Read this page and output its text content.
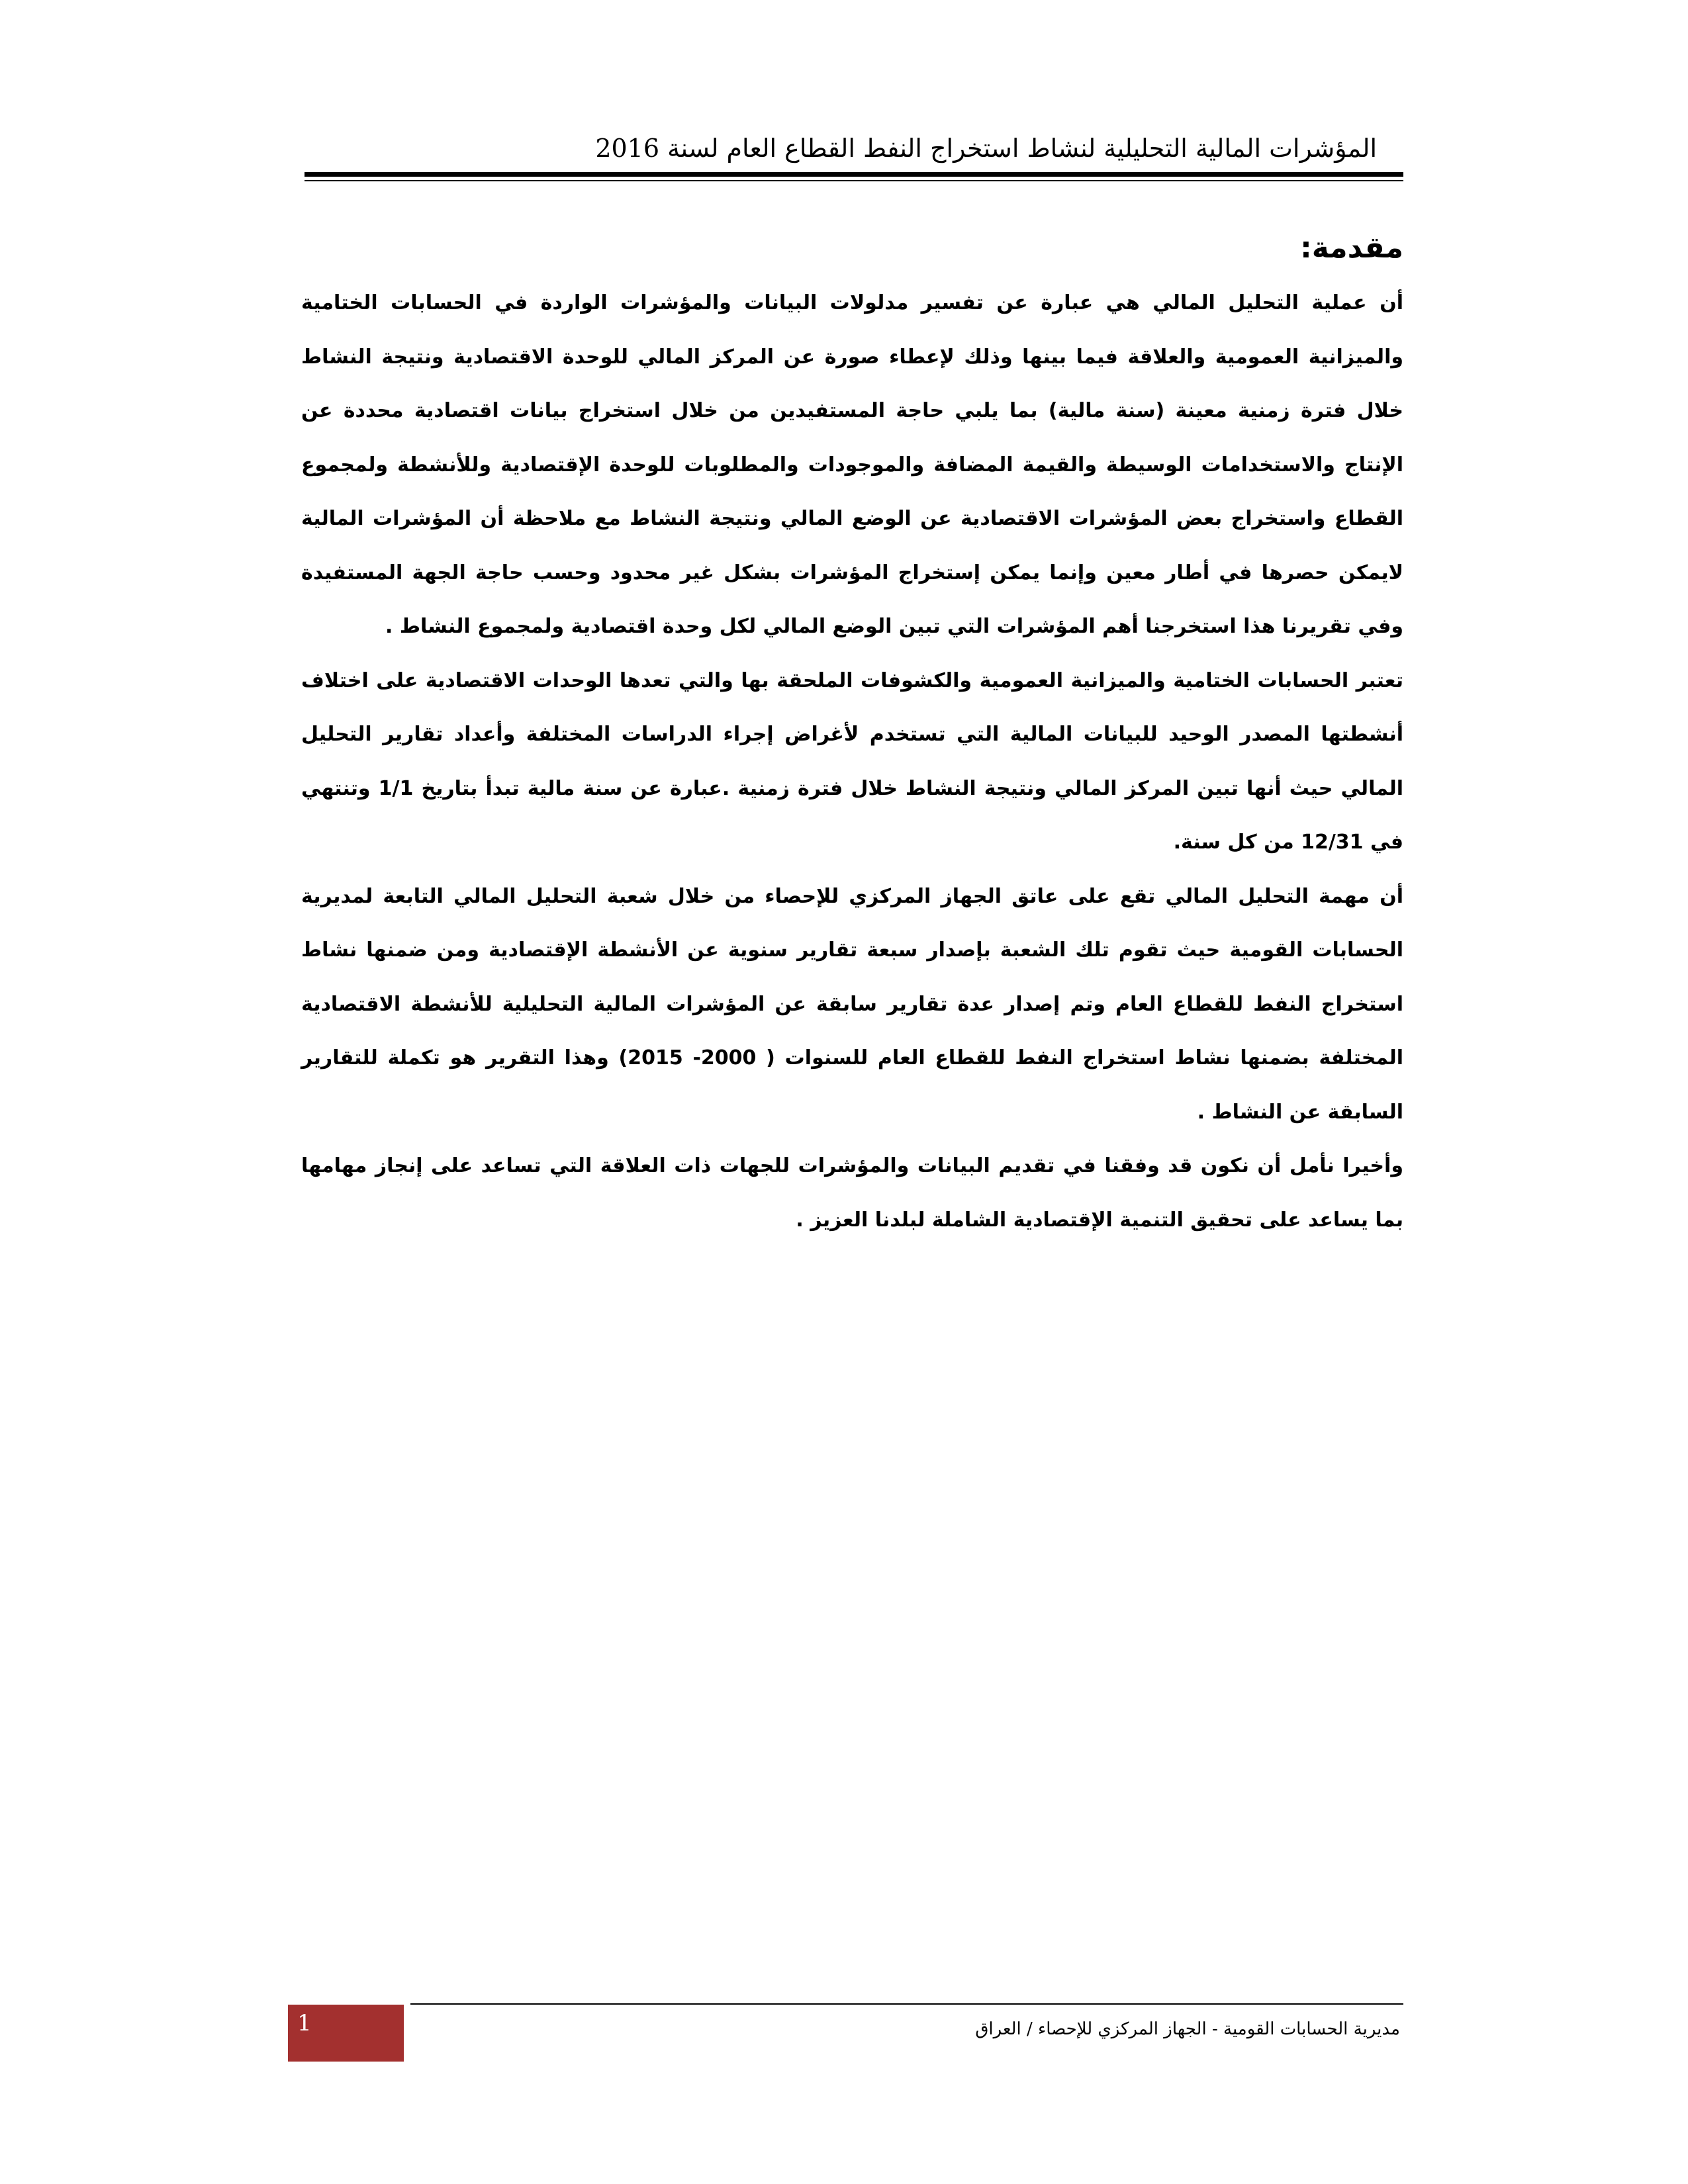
المؤشرات المالية التحليلية لنشاط استخراج النفط القطاع العام لسنة 2016
مقدمة:

أن عملية التحليل المالي هي عبارة عن تفسير مدلولات البيانات والمؤشرات الواردة في الحسابات الختامية والميزانية العمومية والعلاقة فيما بينها وذلك لإعطاء صورة عن المركز المالي للوحدة الاقتصادية ونتيجة النشاط خلال فترة زمنية معينة (سنة مالية) بما يلبي حاجة المستفيدين من خلال استخراج بيانات اقتصادية محددة عن الإنتاج والاستخدامات الوسيطة والقيمة المضافة والموجودات والمطلوبات للوحدة الإقتصادية وللأنشطة ولمجموع القطاع واستخراج بعض المؤشرات الاقتصادية عن الوضع المالي ونتيجة النشاط مع ملاحظة أن المؤشرات المالية لايمكن حصرها في أطار معين وإنما يمكن إستخراج المؤشرات بشكل غير محدود وحسب حاجة الجهة المستفيدة وفي تقريرنا هذا استخرجنا أهم المؤشرات التي تبين الوضع المالي لكل وحدة اقتصادية ولمجموع النشاط .

تعتبر الحسابات الختامية والميزانية العمومية والكشوفات الملحقة بها والتي تعدها الوحدات الاقتصادية على اختلاف أنشطتها المصدر الوحيد للبيانات المالية التي تستخدم لأغراض إجراء الدراسات المختلفة وأعداد تقارير التحليل المالي حيث أنها تبين المركز المالي ونتيجة النشاط خلال فترة زمنية .عبارة عن سنة مالية تبدأ بتاريخ 1/1 وتنتهي في 12/31 من كل سنة.

أن مهمة التحليل المالي تقع على عاتق الجهاز المركزي للإحصاء من خلال شعبة التحليل المالي التابعة لمديرية الحسابات القومية حيث تقوم تلك الشعبة بإصدار سبعة تقارير سنوية عن الأنشطة الإقتصادية ومن ضمنها نشاط استخراج النفط للقطاع العام وتم إصدار عدة تقارير سابقة عن المؤشرات المالية التحليلية للأنشطة الاقتصادية المختلفة بضمنها نشاط استخراج النفط للقطاع العام للسنوات ( 2000- 2015) وهذا التقرير هو تكملة للتقارير السابقة عن النشاط .

وأخيرا نأمل أن نكون قد وفقنا في تقديم البيانات والمؤشرات للجهات ذات العلاقة التي تساعد على إنجاز مهامها بما يساعد على تحقيق التنمية الإقتصادية الشاملة لبلدنا العزيز .

1	مديرية الحسابات القومية - الجهاز المركزي للإحصاء / العراق
